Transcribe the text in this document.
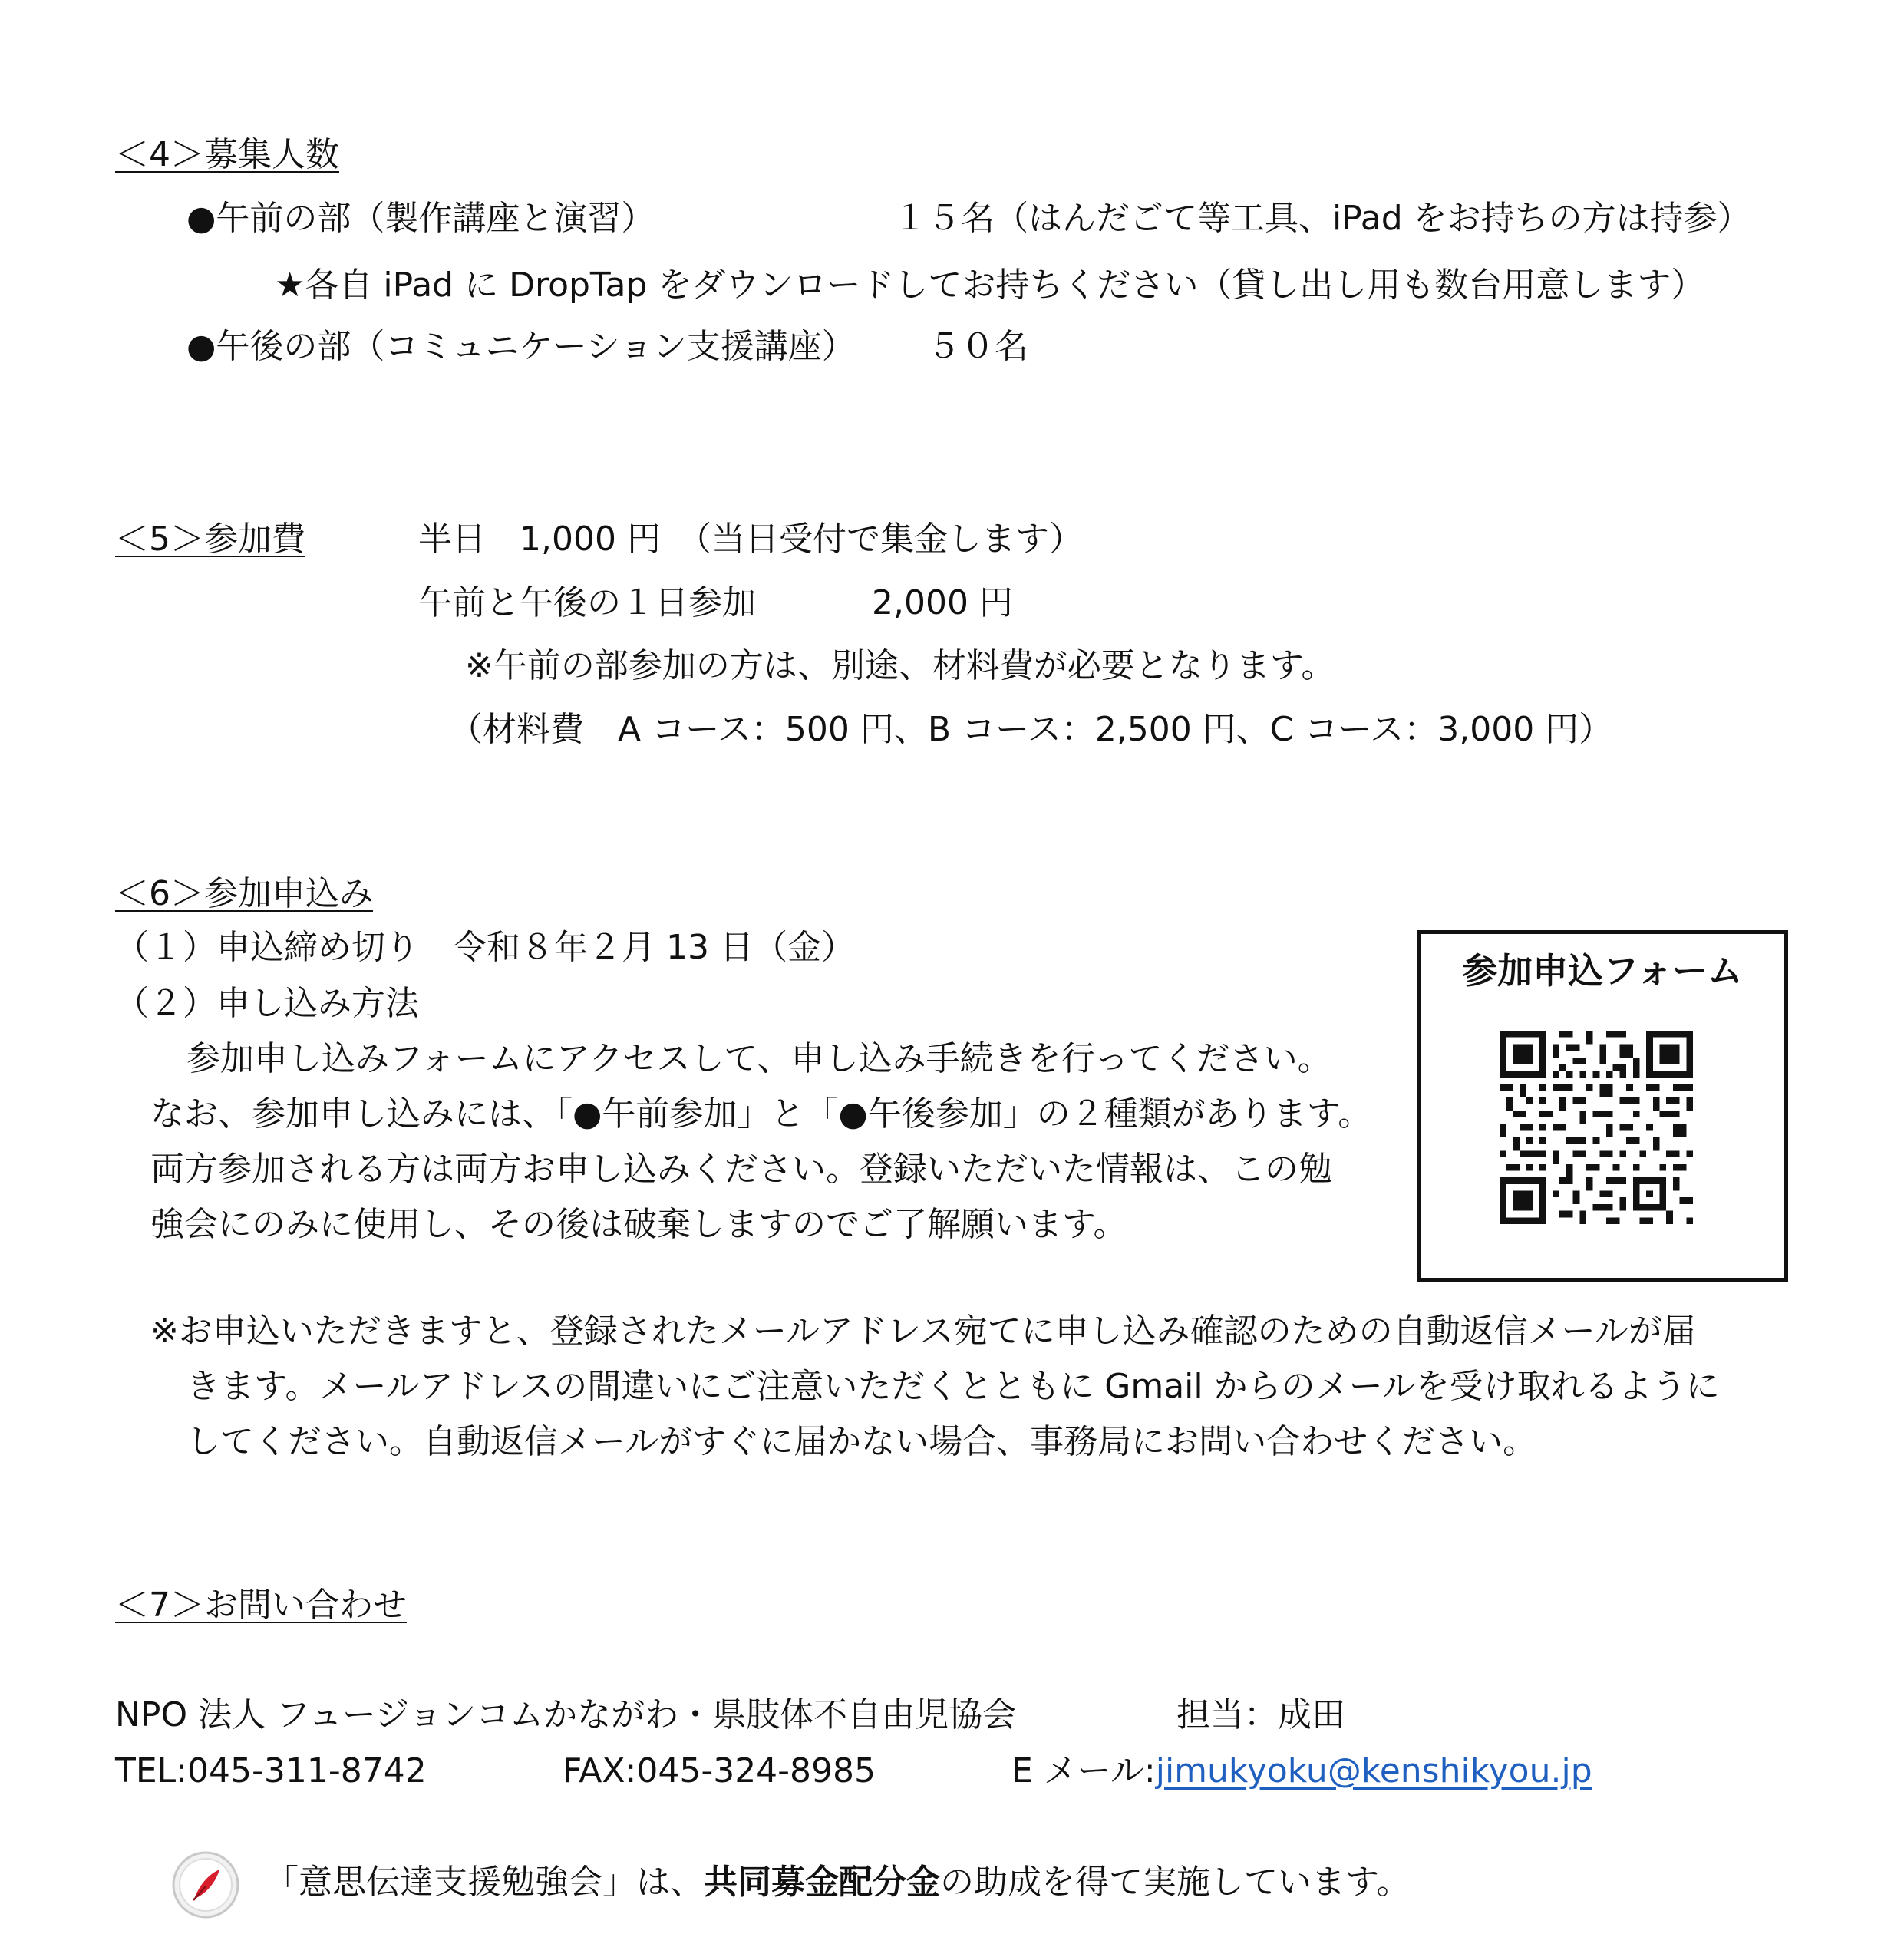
＜4＞募集人数

●午前の部（製作講座と演習）	１５名（はんだごて等工具、iPad をお持ちの方は持参）

★各自 iPad に DropTap をダウンロードしてお持ちください（貸し出し用も数台用意します）

●午後の部（コミュニケーション支援講座） ５０名

＜5＞参加費	半日　1,000 円　（当日受付で集金します）

午前と午後の１日参加	2,000 円

※午前の部参加の方は、別途、材料費が必要となります。

（材料費　A コース：500 円、B コース：2,500 円、C コース：3,000 円）

＜6＞参加申込み

（１）申込締め切り　令和８年２月 13 日（金）

（２）申し込み方法

参加申し込みフォームにアクセスして、申し込み手続きを行ってください。

なお、参加申し込みには、「●午前参加」と「●午後参加」の２種類があります。

両方参加される方は両方お申し込みください。登録いただいた情報は、この勉

強会にのみに使用し、その後は破棄しますのでご了解願います。

参加申込フォーム

※お申込いただきますと、登録されたメールアドレス宛てに申し込み確認のための自動返信メールが届

きます。メールアドレスの間違いにご注意いただくとともに Gmail からのメールを受け取れるように

してください。自動返信メールがすぐに届かない場合、事務局にお問い合わせください。

＜7＞お問い合わせ

NPO 法人 フュージョンコムかながわ・県肢体不自由児協会	担当：成田

TEL:045-311-8742	FAX:045-324-8985	E メール:jimukyoku@kenshikyou.jp

「意思伝達支援勉強会」は、共同募金配分金の助成を得て実施しています。
